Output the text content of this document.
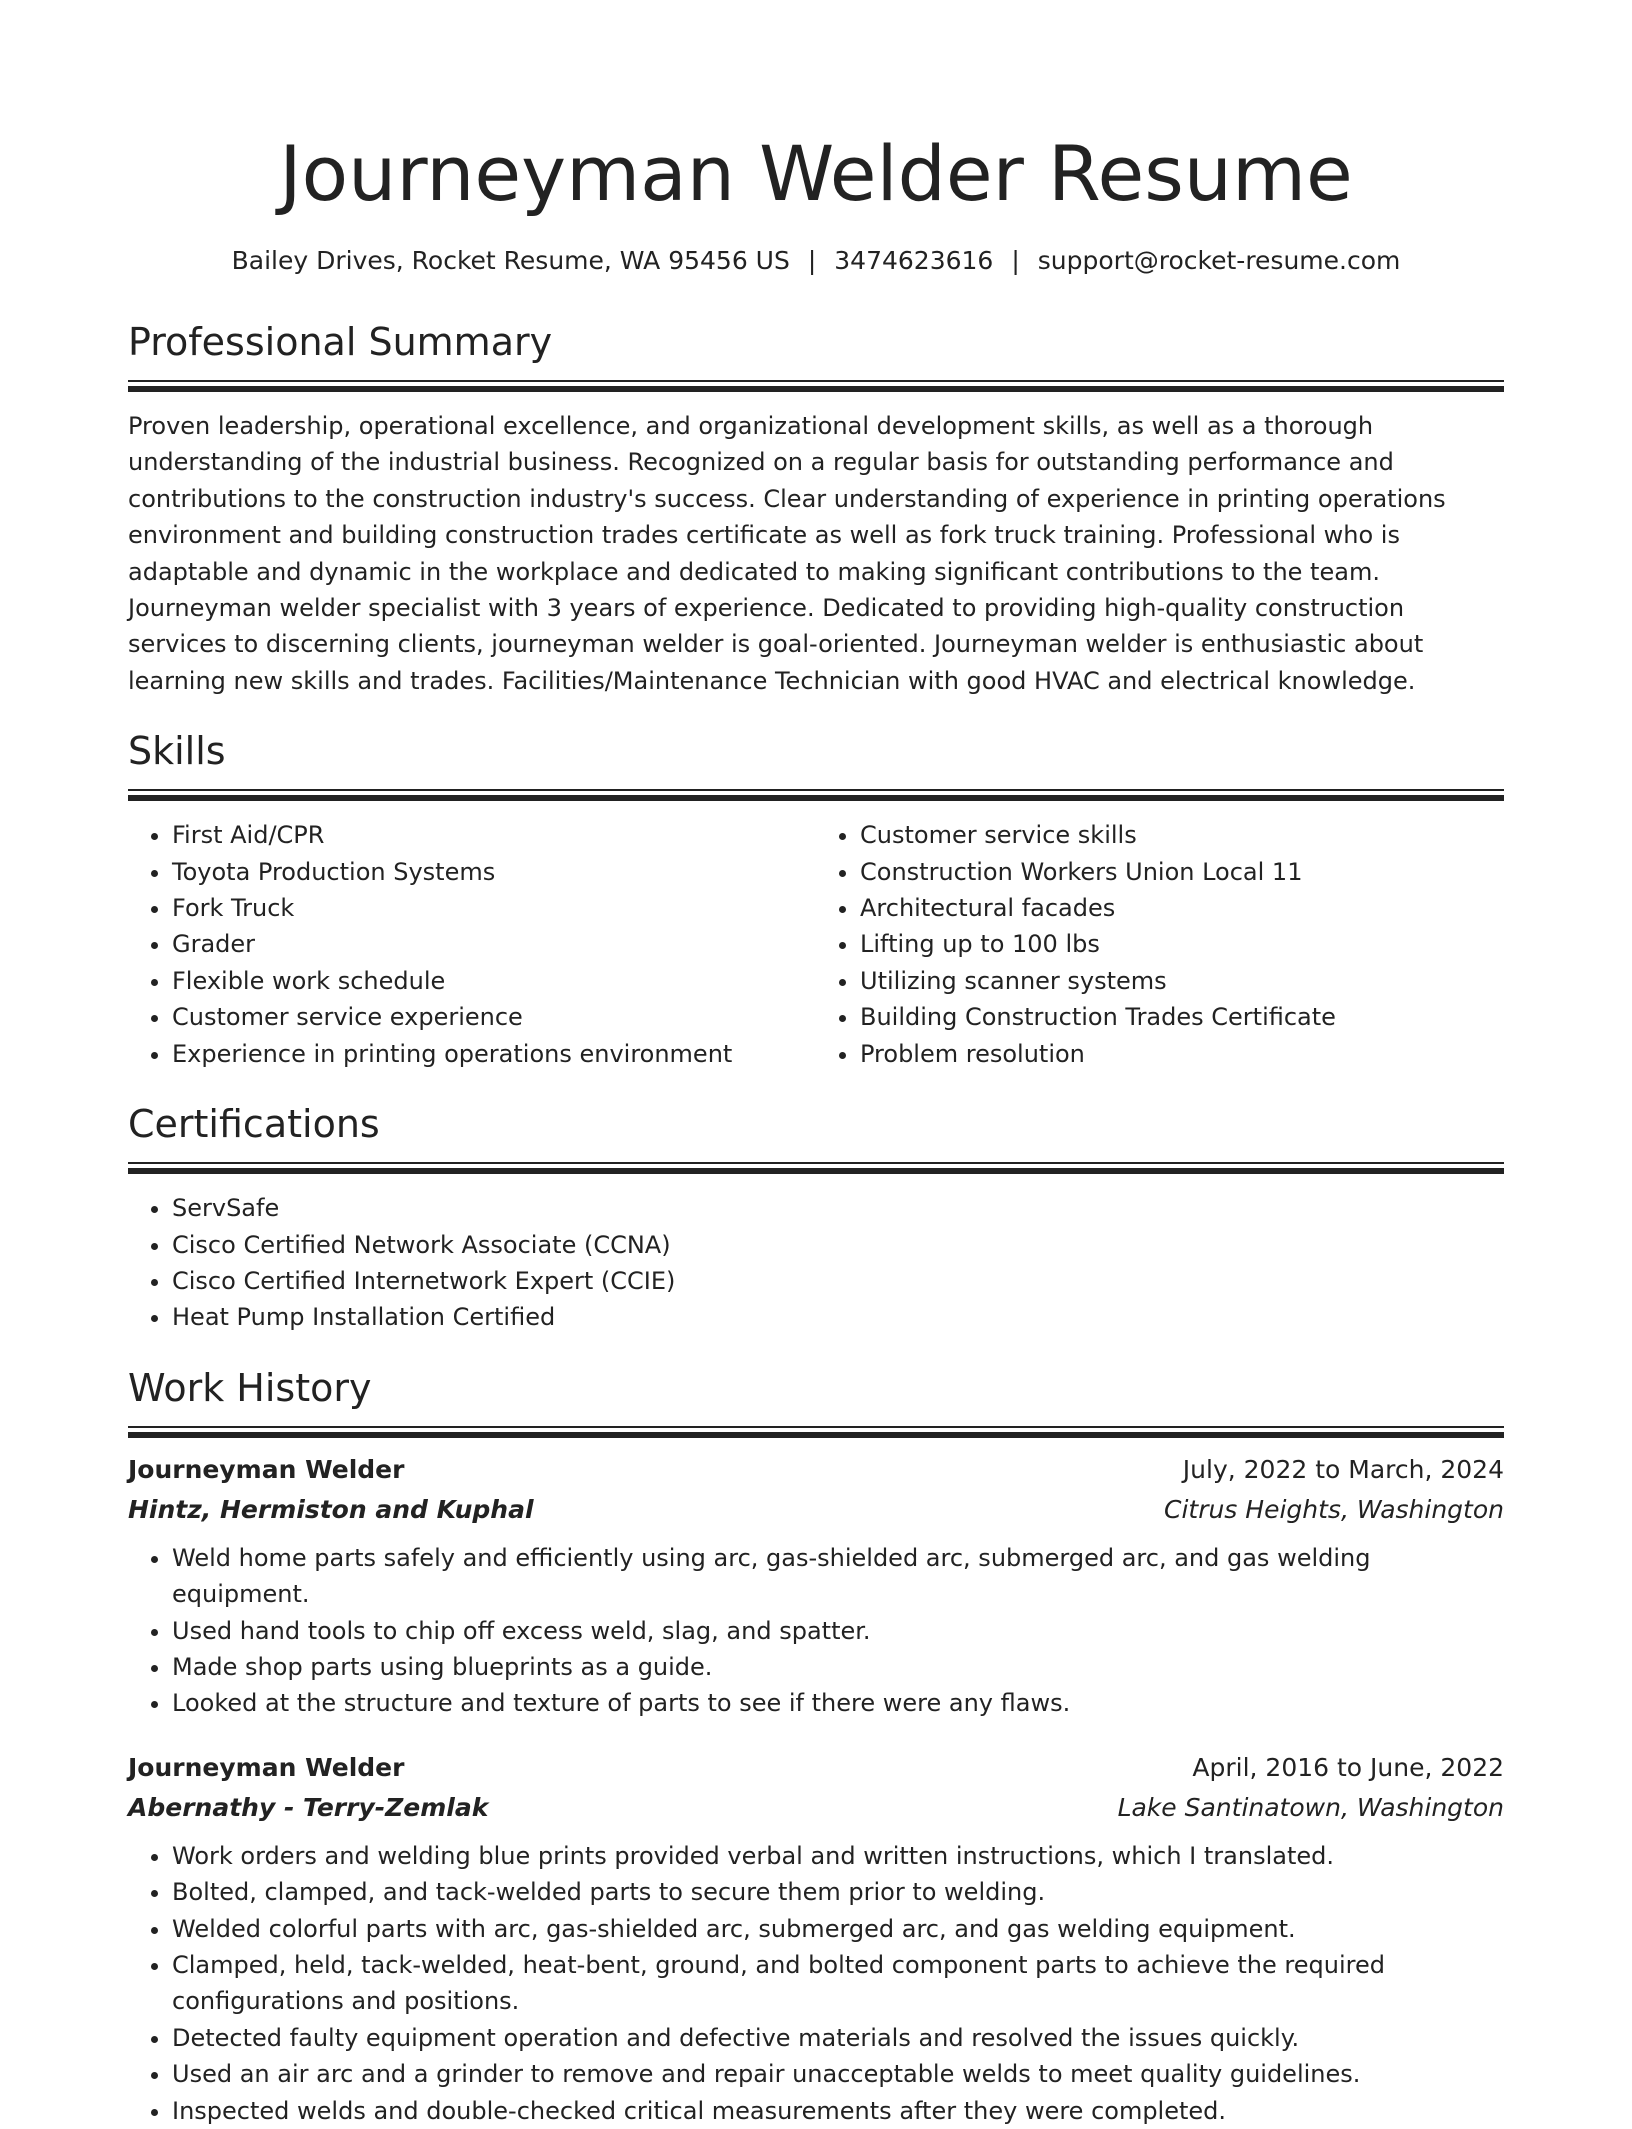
Journeyman Welder Resume
Bailey Drives, Rocket Resume, WA 95456 US | 3474623616 | support@rocket-resume.com
Professional Summary

Proven leadership, operational excellence, and organizational development skills, as well as a thorough understanding of the industrial business. Recognized on a regular basis for outstanding performance and contributions to the construction industry's success. Clear understanding of experience in printing operations environment and building construction trades certificate as well as fork truck training. Professional who is adaptable and dynamic in the workplace and dedicated to making significant contributions to the team. Journeyman welder specialist with 3 years of experience. Dedicated to providing high-quality construction services to discerning clients, journeyman welder is goal-oriented. Journeyman welder is enthusiastic about learning new skills and trades. Facilities/Maintenance Technician with good HVAC and electrical knowledge.

Skills
• First Aid/CPR
• Toyota Production Systems
• Fork Truck
• Grader
• Flexible work schedule
• Customer service experience
• Experience in printing operations environment
• Customer service skills
• Construction Workers Union Local 11
• Architectural facades
• Lifting up to 100 lbs
• Utilizing scanner systems
• Building Construction Trades Certificate
• Problem resolution
Certifications
• ServSafe
• Cisco Certified Network Associate (CCNA)
• Cisco Certified Internetwork Expert (CCIE)
• Heat Pump Installation Certified
Work History
Journeyman Welder	July, 2022 to March, 2024
Hintz, Hermiston and Kuphal	Citrus Heights, Washington
• Weld home parts safely and efficiently using arc, gas-shielded arc, submerged arc, and gas welding equipment.
• Used hand tools to chip off excess weld, slag, and spatter.
• Made shop parts using blueprints as a guide.
• Looked at the structure and texture of parts to see if there were any flaws.
Journeyman Welder	April, 2016 to June, 2022
Abernathy - Terry-Zemlak	Lake Santinatown, Washington
• Work orders and welding blue prints provided verbal and written instructions, which I translated.
• Bolted, clamped, and tack-welded parts to secure them prior to welding.
• Welded colorful parts with arc, gas-shielded arc, submerged arc, and gas welding equipment.
• Clamped, held, tack-welded, heat-bent, ground, and bolted component parts to achieve the required configurations and positions.
• Detected faulty equipment operation and defective materials and resolved the issues quickly.
• Used an air arc and a grinder to remove and repair unacceptable welds to meet quality guidelines.
• Inspected welds and double-checked critical measurements after they were completed.
